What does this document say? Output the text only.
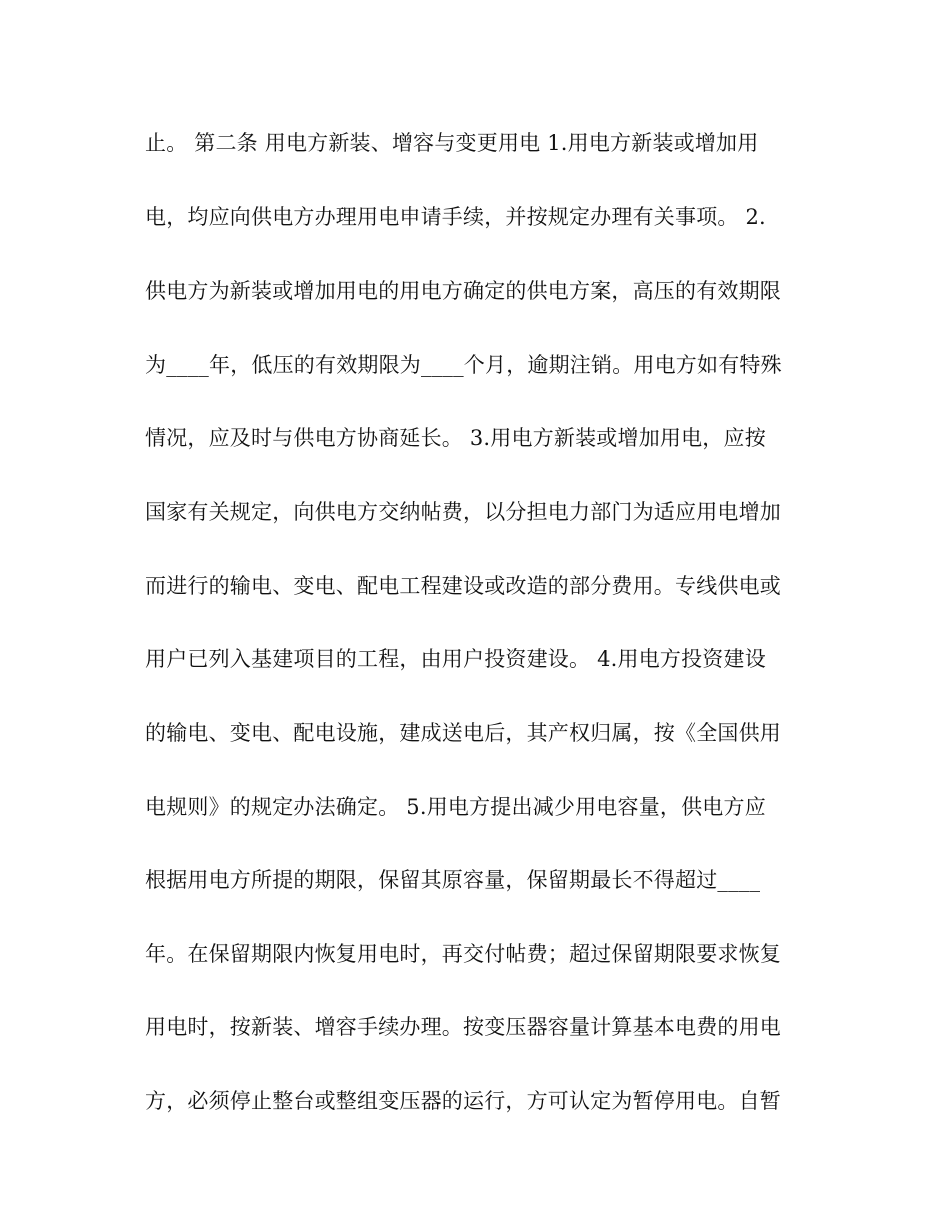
止。 第二条 用电方新装、增容与变更用电 1.用电方新装或增加用
电，均应向供电方办理用电申请手续，并按规定办理有关事项。 2.
供电方为新装或增加用电的用电方确定的供电方案，高压的有效期限
为____年，低压的有效期限为____个月，逾期注销。用电方如有特殊
情况，应及时与供电方协商延长。 3.用电方新装或增加用电，应按
国家有关规定，向供电方交纳帖费，以分担电力部门为适应用电增加
而进行的输电、变电、配电工程建设或改造的部分费用。专线供电或
用户已列入基建项目的工程，由用户投资建设。 4.用电方投资建设
的输电、变电、配电设施，建成送电后，其产权归属，按《全国供用
电规则》的规定办法确定。 5.用电方提出减少用电容量，供电方应
根据用电方所提的期限，保留其原容量，保留期最长不得超过____
年。在保留期限内恢复用电时，再交付帖费；超过保留期限要求恢复
用电时，按新装、增容手续办理。按变压器容量计算基本电费的用电
方，必须停止整台或整组变压器的运行，方可认定为暂停用电。自暂
